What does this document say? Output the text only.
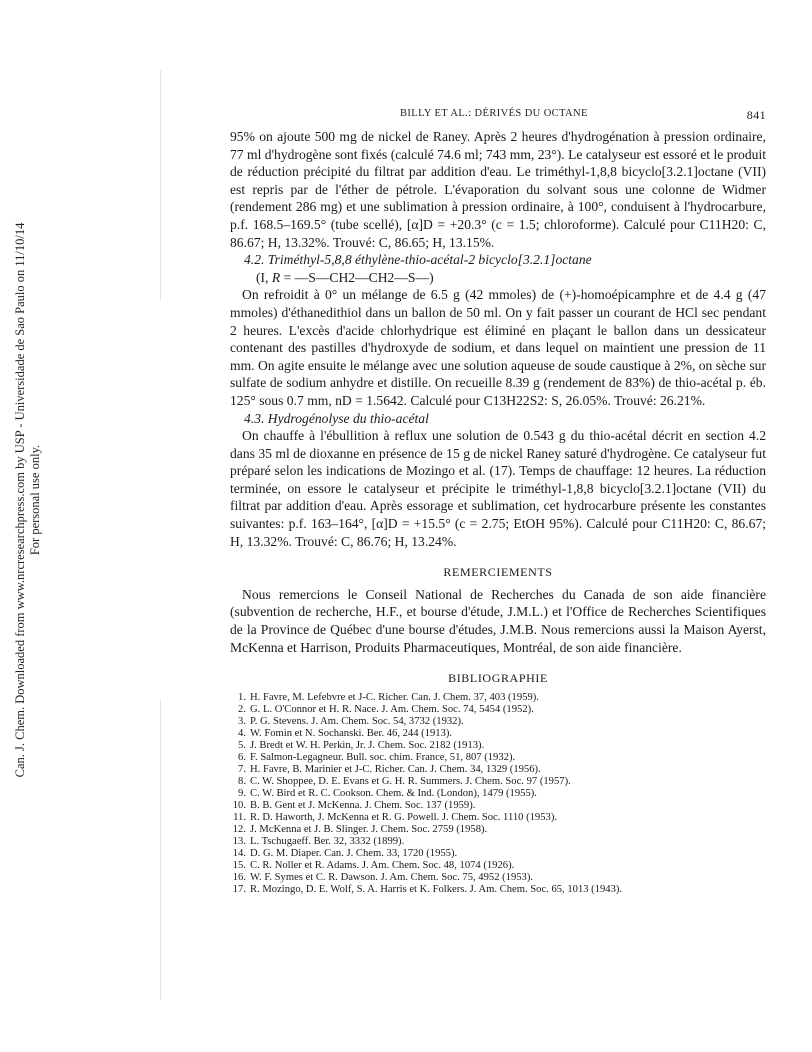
Can. J. Chem. Downloaded from www.nrcresearchpress.com by USP - Universidade de Sao Paulo on 11/10/14 For personal use only.
BILLY ET AL.: DÉRIVÉS DU OCTANE	841

95% on ajoute 500 mg de nickel de Raney. Après 2 heures d'hydrogénation à pression ordinaire, 77 ml d'hydrogène sont fixés (calculé 74.6 ml; 743 mm, 23°). Le catalyseur est essoré et le produit de réduction précipité du filtrat par addition d'eau. Le triméthyl-1,8,8 bicyclo[3.2.1]octane (VII) est repris par de l'éther de pétrole. L'évaporation du solvant sous une colonne de Widmer (rendement 286 mg) et une sublimation à pression ordinaire, à 100°, conduisent à l'hydrocarbure, p.f. 168.5–169.5° (tube scellé), [α]D = +20.3° (c = 1.5; chloroforme). Calculé pour C11H20: C, 86.67; H, 13.32%. Trouvé: C, 86.65; H, 13.15%.

4.2. Triméthyl-5,8,8 éthylène-thio-acétal-2 bicyclo[3.2.1]octane

(I, R = —S—CH2—CH2—S—)

On refroidit à 0° un mélange de 6.5 g (42 mmoles) de (+)-homoépicamphre et de 4.4 g (47 mmoles) d'éthanedithiol dans un ballon de 50 ml. On y fait passer un courant de HCl sec pendant 2 heures. L'excès d'acide chlorhydrique est éliminé en plaçant le ballon dans un dessicateur contenant des pastilles d'hydroxyde de sodium, et dans lequel on maintient une pression de 11 mm. On agite ensuite le mélange avec une solution aqueuse de soude caustique à 2%, on sèche sur sulfate de sodium anhydre et distille. On recueille 8.39 g (rendement de 83%) de thio-acétal p. éb. 125° sous 0.7 mm, nD = 1.5642. Calculé pour C13H22S2: S, 26.05%. Trouvé: 26.21%.

4.3. Hydrogénolyse du thio-acétal

On chauffe à l'ébullition à reflux une solution de 0.543 g du thio-acétal décrit en section 4.2 dans 35 ml de dioxanne en présence de 15 g de nickel Raney saturé d'hydrogène. Ce catalyseur fut préparé selon les indications de Mozingo et al. (17). Temps de chauffage: 12 heures. La réduction terminée, on essore le catalyseur et précipite le triméthyl-1,8,8 bicyclo[3.2.1]octane (VII) du filtrat par addition d'eau. Après essorage et sublimation, cet hydrocarbure présente les constantes suivantes: p.f. 163–164°, [α]D = +15.5° (c = 2.75; EtOH 95%). Calculé pour C11H20: C, 86.67; H, 13.32%. Trouvé: C, 86.76; H, 13.24%.

REMERCIEMENTS

Nous remercions le Conseil National de Recherches du Canada de son aide financière (subvention de recherche, H.F., et bourse d'étude, J.M.L.) et l'Office de Recherches Scientifiques de la Province de Québec d'une bourse d'études, J.M.B. Nous remercions aussi la Maison Ayerst, McKenna et Harrison, Produits Pharmaceutiques, Montréal, de son aide financière.

BIBLIOGRAPHIE
1. H. Favre, M. Lefebvre et J-C. Richer. Can. J. Chem. 37, 403 (1959).
2. G. L. O'Connor et H. R. Nace. J. Am. Chem. Soc. 74, 5454 (1952).
3. P. G. Stevens. J. Am. Chem. Soc. 54, 3732 (1932).
4. W. Fomin et N. Sochanski. Ber. 46, 244 (1913).
5. J. Bredt et W. H. Perkin, Jr. J. Chem. Soc. 2182 (1913).
6. F. Salmon-Legagneur. Bull. soc. chim. France, 51, 807 (1932).
7. H. Favre, B. Marinier et J-C. Richer. Can. J. Chem. 34, 1329 (1956).
8. C. W. Shoppee, D. E. Evans et G. H. R. Summers. J. Chem. Soc. 97 (1957).
9. C. W. Bird et R. C. Cookson. Chem. & Ind. (London), 1479 (1955).
10. B. B. Gent et J. McKenna. J. Chem. Soc. 137 (1959).
11. R. D. Haworth, J. McKenna et R. G. Powell. J. Chem. Soc. 1110 (1953).
12. J. McKenna et J. B. Slinger. J. Chem. Soc. 2759 (1958).
13. L. Tschugaeff. Ber. 32, 3332 (1899).
14. D. G. M. Diaper. Can. J. Chem. 33, 1720 (1955).
15. C. R. Noller et R. Adams. J. Am. Chem. Soc. 48, 1074 (1926).
16. W. F. Symes et C. R. Dawson. J. Am. Chem. Soc. 75, 4952 (1953).
17. R. Mozingo, D. E. Wolf, S. A. Harris et K. Folkers. J. Am. Chem. Soc. 65, 1013 (1943).
